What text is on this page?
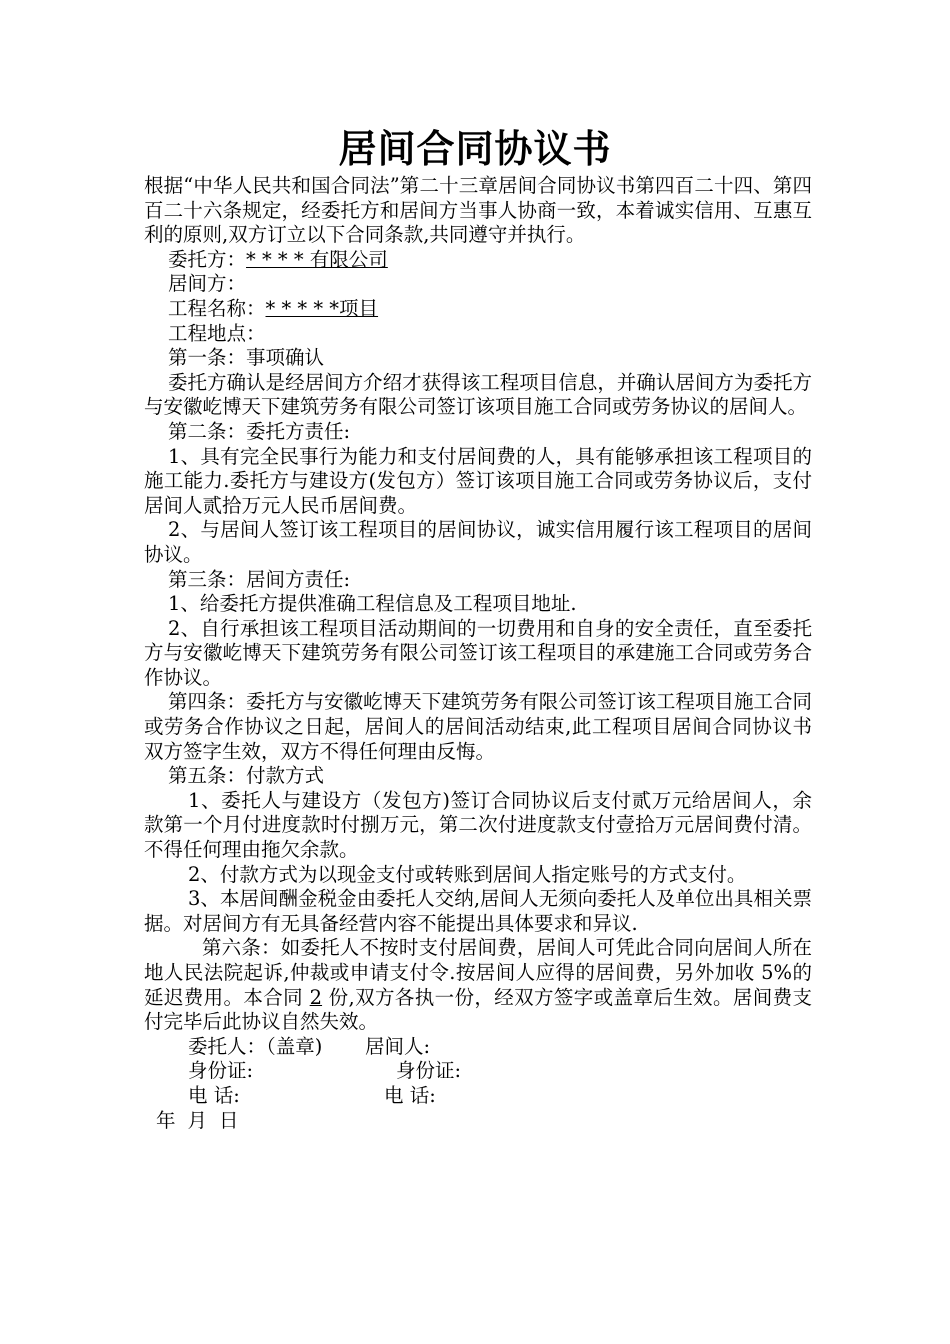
居间合同协议书

根据“中华人民共和国合同法”第二十三章居间合同协议书第四百二十四、第四百二十六条规定，经委托方和居间方当事人协商一致，本着诚实信用、互惠互利的原则,双方订立以下合同条款,共同遵守并执行。

委托方：* * * * 有限公司

居间方：

工程名称：* * * * *项目

工程地点：

第一条：事项确认

委托方确认是经居间方介绍才获得该工程项目信息，并确认居间方为委托方与安徽屹博天下建筑劳务有限公司签订该项目施工合同或劳务协议的居间人。

第二条：委托方责任:

1、具有完全民事行为能力和支付居间费的人，具有能够承担该工程项目的施工能力.委托方与建设方(发包方）签订该项目施工合同或劳务协议后，支付居间人贰拾万元人民币居间费。

2、与居间人签订该工程项目的居间协议，诚实信用履行该工程项目的居间协议。

第三条：居间方责任:

1、给委托方提供准确工程信息及工程项目地址.

2、自行承担该工程项目活动期间的一切费用和自身的安全责任，直至委托方与安徽屹博天下建筑劳务有限公司签订该工程项目的承建施工合同或劳务合作协议。

第四条：委托方与安徽屹博天下建筑劳务有限公司签订该工程项目施工合同或劳务合作协议之日起，居间人的居间活动结束,此工程项目居间合同协议书双方签字生效，双方不得任何理由反悔。

第五条：付款方式

1、委托人与建设方（发包方)签订合同协议后支付贰万元给居间人，余款第一个月付进度款时付捌万元，第二次付进度款支付壹拾万元居间费付清。不得任何理由拖欠余款。

2、付款方式为以现金支付或转账到居间人指定账号的方式支付。

3、本居间酬金税金由委托人交纳,居间人无须向委托人及单位出具相关票据。对居间方有无具备经营内容不能提出具体要求和异议.

第六条：如委托人不按时支付居间费，居间人可凭此合同向居间人所在地人民法院起诉,仲裁或申请支付令.按居间人应得的居间费，另外加收 5%的延迟费用。本合同 2 份,双方各执一份，经双方签字或盖章后生效。居间费支付完毕后此协议自然失效。

委托人：（盖章) 居间人:
身份证:	身份证:
电 话:	电 话:

年 月 日
